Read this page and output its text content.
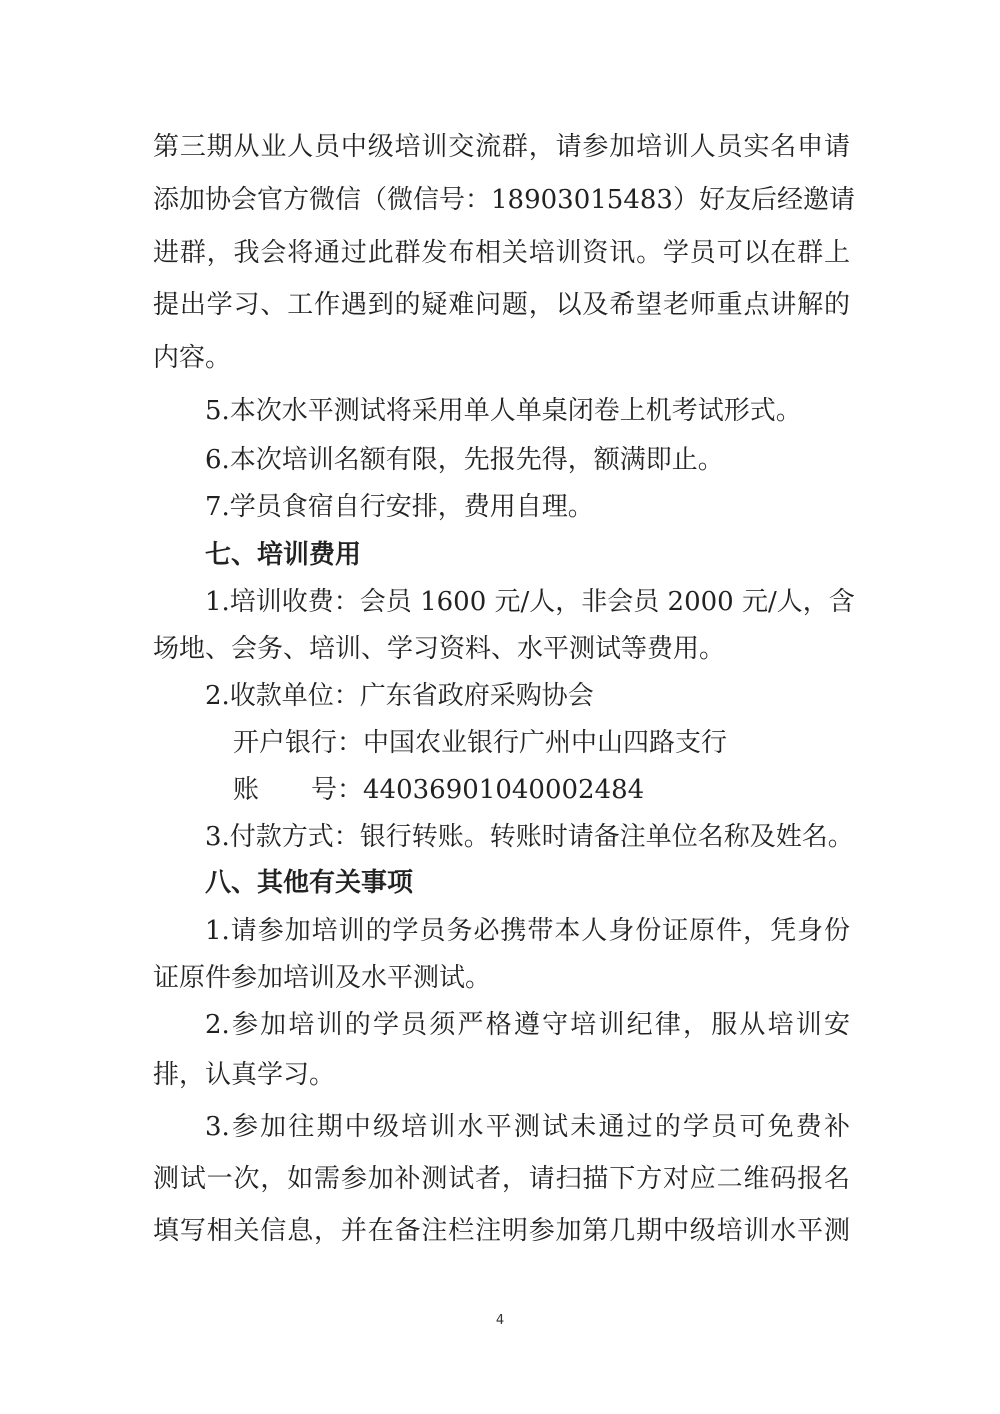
第三期从业人员中级培训交流群，请参加培训人员实名申请
添加协会官方微信（微信号：18903015483）好友后经邀请
进群，我会将通过此群发布相关培训资讯。学员可以在群上
提出学习、工作遇到的疑难问题，以及希望老师重点讲解的
内容。
5.本次水平测试将采用单人单桌闭卷上机考试形式。
6.本次培训名额有限，先报先得，额满即止。
7.学员食宿自行安排，费用自理。
七、培训费用
1.培训收费：会员 1600 元/人，非会员 2000 元/人，含
场地、会务、培训、学习资料、水平测试等费用。
2.收款单位：广东省政府采购协会
开户银行：中国农业银行广州中山四路支行
账　　号：44036901040002484
3.付款方式：银行转账。转账时请备注单位名称及姓名。
八、其他有关事项
1.请参加培训的学员务必携带本人身份证原件，凭身份
证原件参加培训及水平测试。
2.参加培训的学员须严格遵守培训纪律，服从培训安
排，认真学习。
3.参加往期中级培训水平测试未通过的学员可免费补
测试一次，如需参加补测试者，请扫描下方对应二维码报名
填写相关信息，并在备注栏注明参加第几期中级培训水平测
4
